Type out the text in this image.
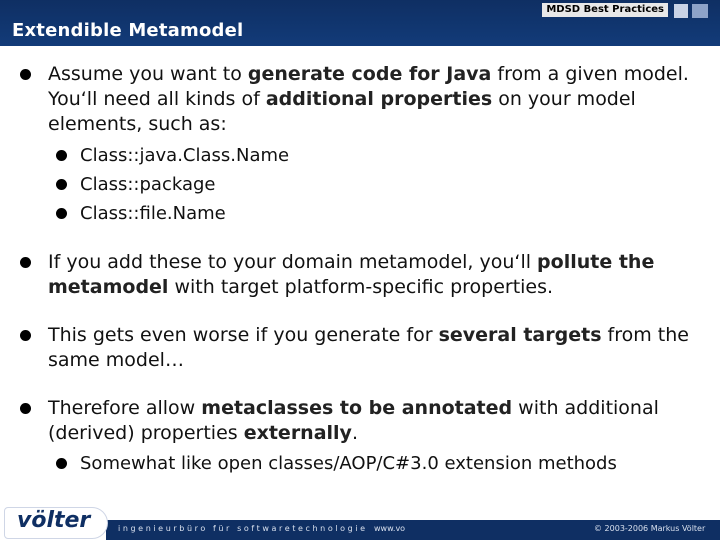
MDSD Best Practices
Extendible Metamodel
Assume you want to generate code for Java from a given model. You‘ll need all kinds of additional properties on your model elements, such as:
Class::java.Class.Name
Class::package
Class::file.Name
If you add these to your domain metamodel, you‘ll pollute the metamodel with target platform-specific properties.
This gets even worse if you generate for several targets from the same model…
Therefore allow metaclasses to be annotated with additional (derived) properties externally.
Somewhat like open classes/AOP/C#3.0 extension methods
ingenieurbüro für softwaretechnologie www.vo	© 2003-2006 Markus Völter
völter
